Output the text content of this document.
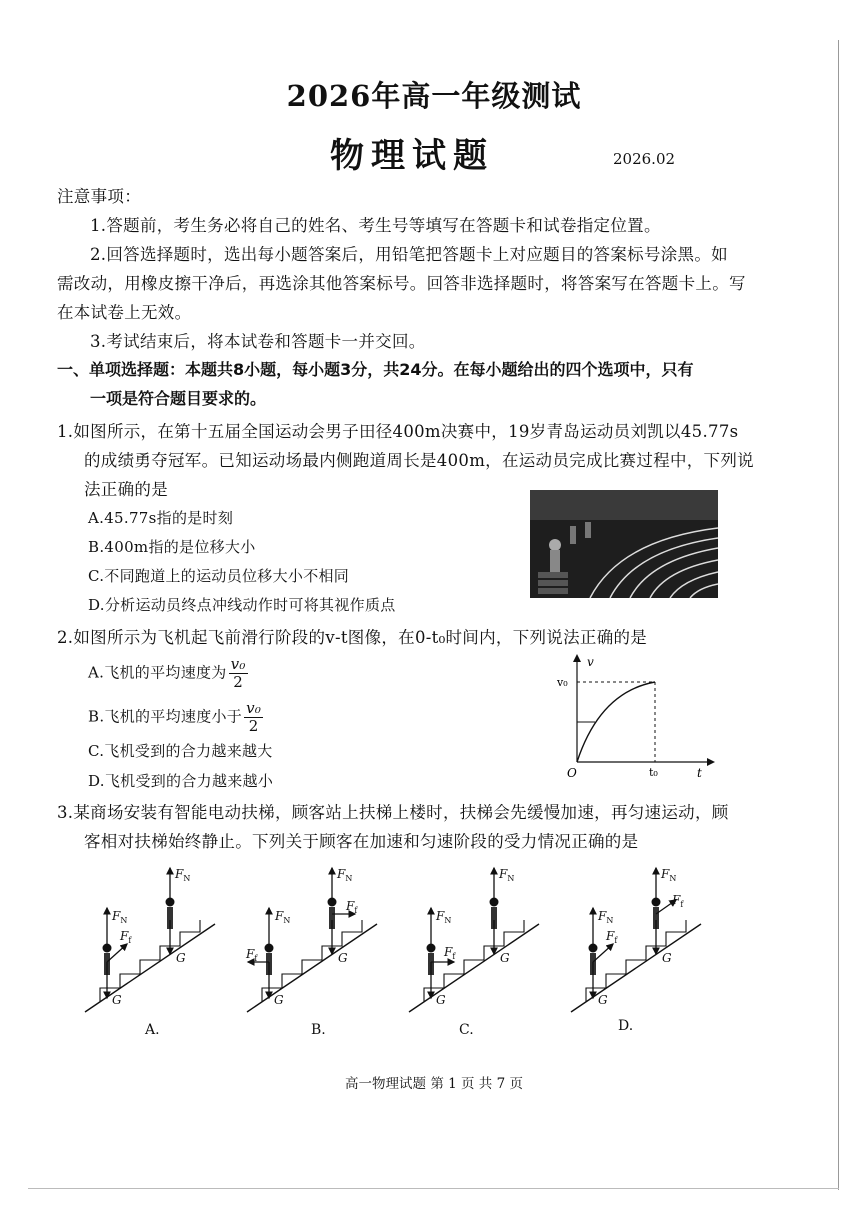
2026年高一年级测试
物理试题	2026.02
注意事项：
1.答题前，考生务必将自己的姓名、考生号等填写在答题卡和试卷指定位置。
2.回答选择题时，选出每小题答案后，用铅笔把答题卡上对应题目的答案标号涂黑。如
需改动，用橡皮擦干净后，再选涂其他答案标号。回答非选择题时，将答案写在答题卡上。写
在本试卷上无效。
3.考试结束后，将本试卷和答题卡一并交回。
一、单项选择题：本题共8小题，每小题3分，共24分。在每小题给出的四个选项中，只有
一项是符合题目要求的。
1.如图所示，在第十五届全国运动会男子田径400m决赛中，19岁青岛运动员刘凯以45.77s
的成绩勇夺冠军。已知运动场最内侧跑道周长是400m，在运动员完成比赛过程中，下列说
法正确的是
A.45.77s指的是时刻
B.400m指的是位移大小
C.不同跑道上的运动员位移大小不相同
D.分析运动员终点冲线动作时可将其视作质点
2.如图所示为飞机起飞前滑行阶段的v-t图像，在0-t₀时间内，下列说法正确的是
A.飞机的平均速度为 $\frac{\text{v₀}}{2}$
B.飞机的平均速度小于 $\frac{\text{v₀}}{2}$
C.飞机受到的合力越来越大
D.飞机受到的合力越来越小
v
t
O
v₀
t₀
3.某商场安装有智能电动扶梯，顾客站上扶梯上楼时，扶梯会先缓慢加速，再匀速运动，顾
客相对扶梯始终静止。下列关于顾客在加速和匀速阶段的受力情况正确的是
$F_N$
$F_f$
G
$F_N$
G
$F_N$
$F_f$
G
$F_N$
$F_f$
G
$F_N$
$F_f$
G
$F_N$
G
$F_N$
$F_f$
G
$F_N$
$F_f$
G
A.	B.	C.	D.
高一物理试题 第 1 页 共 7 页
